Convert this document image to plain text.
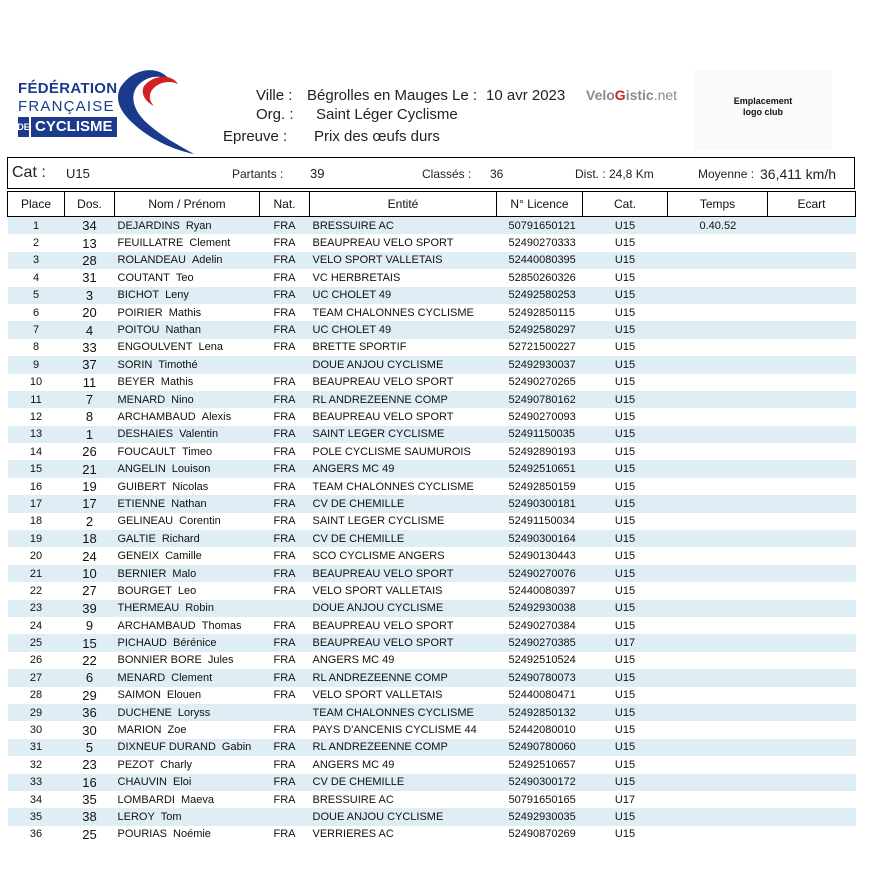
FÉDÉRATION
FRANÇAISE
DE CYCLISME
Ville : Bégrolles en Mauges Le : 10 avr 2023
Org. : Saint Léger Cyclisme
Epreuve : Prix des œufs durs
VeloGistic.net	Emplacement
logo club
Cat : U15	Partants : 39	Classés : 36	Dist. : 24,8 Km	Moyenne : 36,411 km/h
Place	Dos.	Nom / Prénom	Nat.	Entité	N° Licence	Cat.	Temps	Ecart
1	34	DEJARDINS Ryan	FRA	BRESSUIRE AC	50791650121	U15	0.40.52	
2	13	FEUILLATRE Clement	FRA	BEAUPREAU VELO SPORT	52490270333	U15		
3	28	ROLANDEAU Adelin	FRA	VELO SPORT VALLETAIS	52440080395	U15		
4	31	COUTANT Teo	FRA	VC HERBRETAIS	52850260326	U15		
5	3	BICHOT Leny	FRA	UC CHOLET 49	52492580253	U15		
6	20	POIRIER Mathis	FRA	TEAM CHALONNES CYCLISME	52492850115	U15		
7	4	POITOU Nathan	FRA	UC CHOLET 49	52492580297	U15		
8	33	ENGOULVENT Lena	FRA	BRETTE SPORTIF	52721500227	U15		
9	37	SORIN Timothé		DOUE ANJOU CYCLISME	52492930037	U15		
10	11	BEYER Mathis	FRA	BEAUPREAU VELO SPORT	52490270265	U15		
11	7	MENARD Nino	FRA	RL ANDREZEENNE COMP	52490780162	U15		
12	8	ARCHAMBAUD Alexis	FRA	BEAUPREAU VELO SPORT	52490270093	U15		
13	1	DESHAIES Valentin	FRA	SAINT LEGER CYCLISME	52491150035	U15		
14	26	FOUCAULT Timeo	FRA	POLE CYCLISME SAUMUROIS	52492890193	U15		
15	21	ANGELIN Louison	FRA	ANGERS MC 49	52492510651	U15		
16	19	GUIBERT Nicolas	FRA	TEAM CHALONNES CYCLISME	52492850159	U15		
17	17	ETIENNE Nathan	FRA	CV DE CHEMILLE	52490300181	U15		
18	2	GELINEAU Corentin	FRA	SAINT LEGER CYCLISME	52491150034	U15		
19	18	GALTIE Richard	FRA	CV DE CHEMILLE	52490300164	U15		
20	24	GENEIX Camille	FRA	SCO CYCLISME ANGERS	52490130443	U15		
21	10	BERNIER Malo	FRA	BEAUPREAU VELO SPORT	52490270076	U15		
22	27	BOURGET Leo	FRA	VELO SPORT VALLETAIS	52440080397	U15		
23	39	THERMEAU Robin		DOUE ANJOU CYCLISME	52492930038	U15		
24	9	ARCHAMBAUD Thomas	FRA	BEAUPREAU VELO SPORT	52490270384	U15		
25	15	PICHAUD Bérénice	FRA	BEAUPREAU VELO SPORT	52490270385	U17		
26	22	BONNIER BORE Jules	FRA	ANGERS MC 49	52492510524	U15		
27	6	MENARD Clement	FRA	RL ANDREZEENNE COMP	52490780073	U15		
28	29	SAIMON Elouen	FRA	VELO SPORT VALLETAIS	52440080471	U15		
29	36	DUCHENE Loryss		TEAM CHALONNES CYCLISME	52492850132	U15		
30	30	MARION Zoe	FRA	PAYS D'ANCENIS CYCLISME 44	52442080010	U15		
31	5	DIXNEUF DURAND Gabin	FRA	RL ANDREZEENNE COMP	52490780060	U15		
32	23	PEZOT Charly	FRA	ANGERS MC 49	52492510657	U15		
33	16	CHAUVIN Eloi	FRA	CV DE CHEMILLE	52490300172	U15		
34	35	LOMBARDI Maeva	FRA	BRESSUIRE AC	50791650165	U17		
35	38	LEROY Tom		DOUE ANJOU CYCLISME	52492930035	U15		
36	25	POURIAS Noémie	FRA	VERRIERES AC	52490870269	U15		
